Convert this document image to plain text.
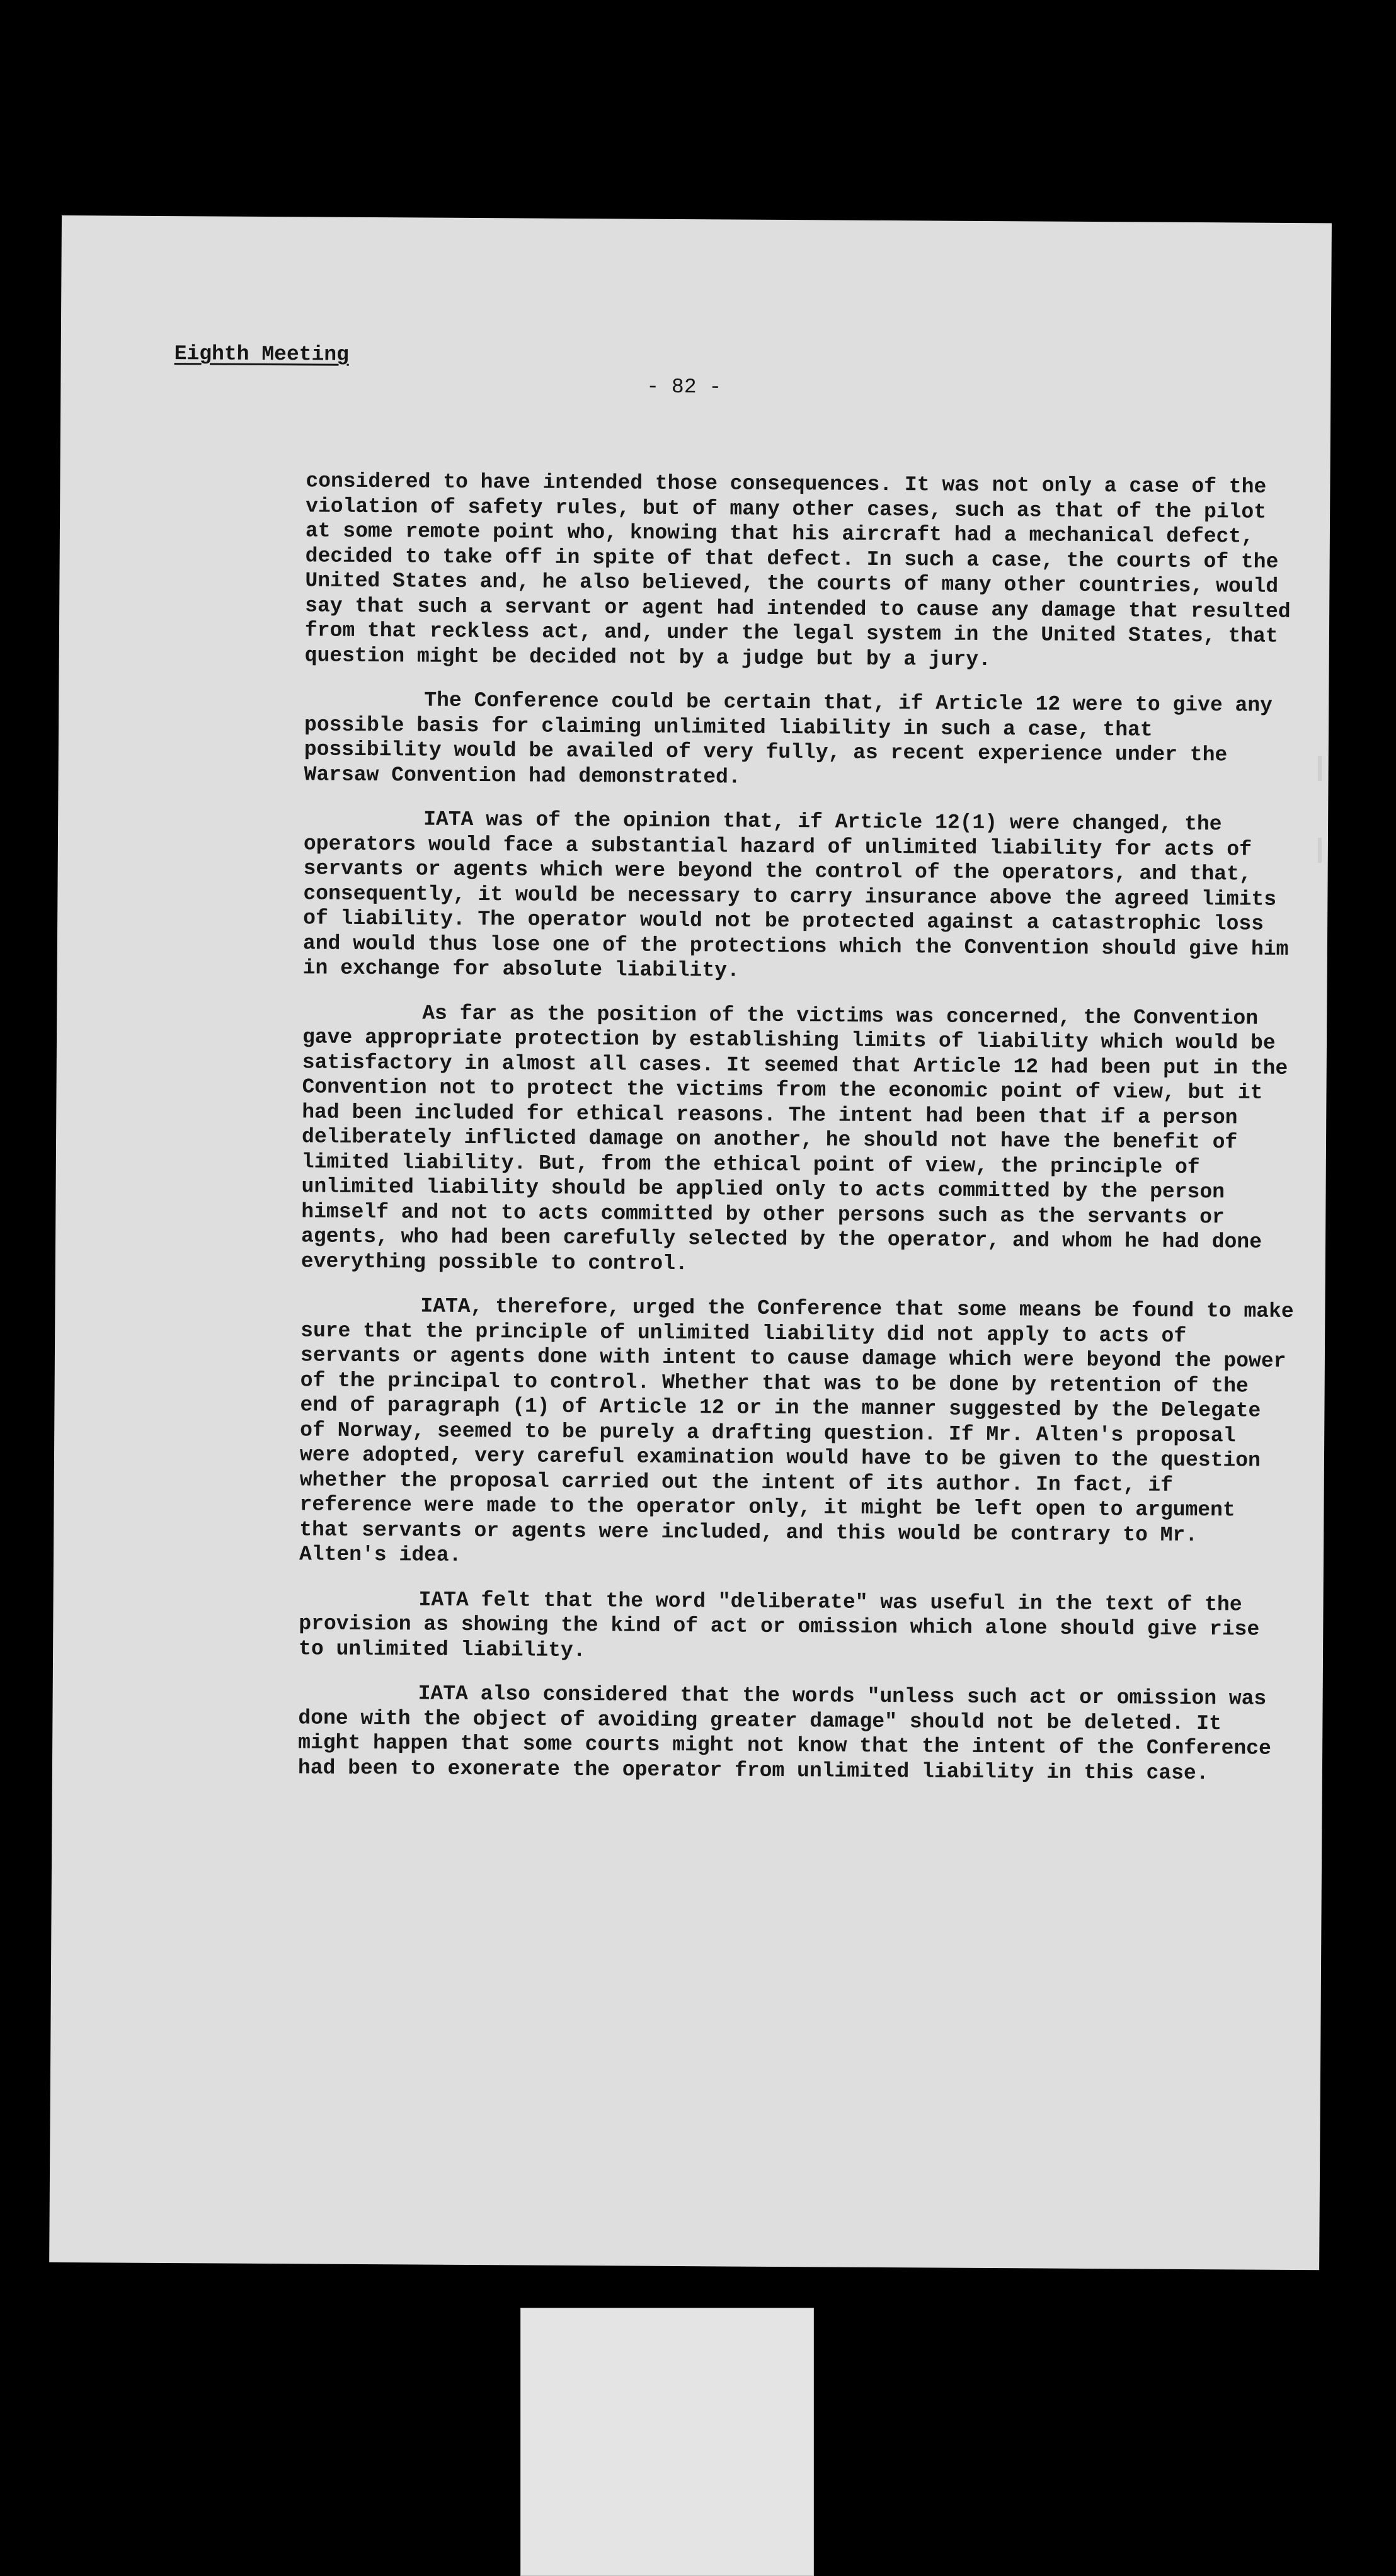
Eighth Meeting
- 82 -

considered to have intended those consequences. It was not only a case of the violation of safety rules, but of many other cases, such as that of the pilot at some remote point who, knowing that his aircraft had a mechanical defect, decided to take off in spite of that defect. In such a case, the courts of the United States and, he also believed, the courts of many other countries, would say that such a servant or agent had intended to cause any damage that resulted from that reckless act, and, under the legal system in the United States, that question might be decided not by a judge but by a jury.

The Conference could be certain that, if Article 12 were to give any possible basis for claiming unlimited liability in such a case, that possibility would be availed of very fully, as recent experience under the Warsaw Convention had demonstrated.

IATA was of the opinion that, if Article 12(1) were changed, the operators would face a substantial hazard of unlimited liability for acts of servants or agents which were beyond the control of the operators, and that, consequently, it would be necessary to carry insurance above the agreed limits of liability. The operator would not be protected against a catastrophic loss and would thus lose one of the protections which the Convention should give him in exchange for absolute liability.

As far as the position of the victims was concerned, the Convention gave appropriate protection by establishing limits of liability which would be satisfactory in almost all cases. It seemed that Article 12 had been put in the Convention not to protect the victims from the economic point of view, but it had been included for ethical reasons. The intent had been that if a person deliberately inflicted damage on another, he should not have the benefit of limited liability. But, from the ethical point of view, the principle of unlimited liability should be applied only to acts committed by the person himself and not to acts committed by other persons such as the servants or agents, who had been carefully selected by the operator, and whom he had done everything possible to control.

IATA, therefore, urged the Conference that some means be found to make sure that the principle of unlimited liability did not apply to acts of servants or agents done with intent to cause damage which were beyond the power of the principal to control. Whether that was to be done by retention of the end of paragraph (1) of Article 12 or in the manner suggested by the Delegate of Norway, seemed to be purely a drafting question. If Mr. Alten's proposal were adopted, very careful examination would have to be given to the question whether the proposal carried out the intent of its author. In fact, if reference were made to the operator only, it might be left open to argument that servants or agents were included, and this would be contrary to Mr. Alten's idea.

IATA felt that the word "deliberate" was useful in the text of the provision as showing the kind of act or omission which alone should give rise to unlimited liability.

IATA also considered that the words "unless such act or omission was done with the object of avoiding greater damage" should not be deleted. It might happen that some courts might not know that the intent of the Conference had been to exonerate the operator from unlimited liability in this case.
